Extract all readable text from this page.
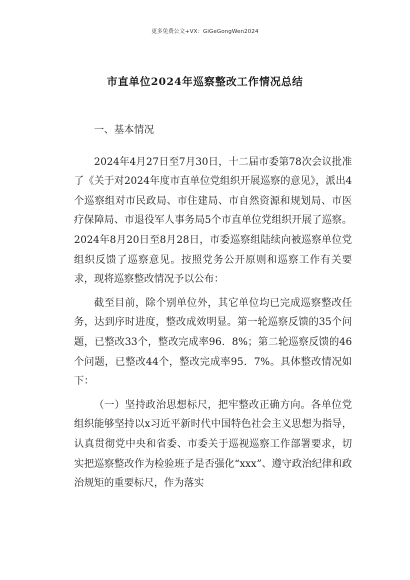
更多免费公文+VX：GiGeGongWen2024
市直单位2024年巡察整改工作情况总结

一、基本情况

2024年4月27日至7月30日，十二届市委第78次会议批准了《关于对2024年度市直单位党组织开展巡察的意见》，派出4个巡察组对市民政局、市住建局、市自然资源和规划局、市医疗保障局、市退役军人事务局5个市直单位党组织开展了巡察。2024年8月20日至8月28日，市委巡察组陆续向被巡察单位党组织反馈了巡察意见。按照党务公开原则和巡察工作有关要求，现将巡察整改情况予以公布：

截至目前，除个别单位外，其它单位均已完成巡察整改任务，达到序时进度，整改成效明显。第一轮巡察反馈的35个问题，已整改33个，整改完成率96．8%；第二轮巡察反馈的46个问题，已整改44个，整改完成率95．7%。具体整改情况如下：

（一）坚持政治思想标尺，把牢整改正确方向。各单位党组织能够坚持以x习近平新时代中国特色社会主义思想为指导，认真贯彻党中央和省委、市委关于巡视巡察工作部署要求，切实把巡察整改作为检验班子是否强化“xxx”、遵守政治纪律和政治规矩的重要标尺，作为落实
